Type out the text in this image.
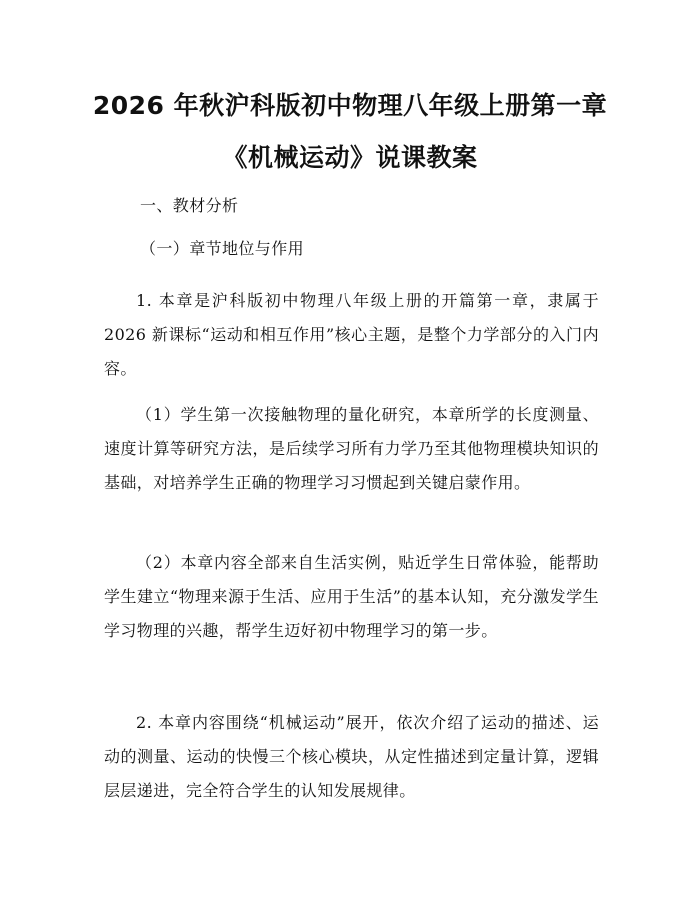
2026 年秋沪科版初中物理八年级上册第一章
《机械运动》说课教案

一、教材分析

（一）章节地位与作用

1. 本章是沪科版初中物理八年级上册的开篇第一章，隶属于 2026 新课标“运动和相互作用”核心主题，是整个力学部分的入门内容。

（1）学生第一次接触物理的量化研究，本章所学的长度测量、速度计算等研究方法，是后续学习所有力学乃至其他物理模块知识的基础，对培养学生正确的物理学习习惯起到关键启蒙作用。

（2）本章内容全部来自生活实例，贴近学生日常体验，能帮助学生建立“物理来源于生活、应用于生活”的基本认知，充分激发学生学习物理的兴趣，帮学生迈好初中物理学习的第一步。

2. 本章内容围绕“机械运动”展开，依次介绍了运动的描述、运动的测量、运动的快慢三个核心模块，从定性描述到定量计算，逻辑层层递进，完全符合学生的认知发展规律。
